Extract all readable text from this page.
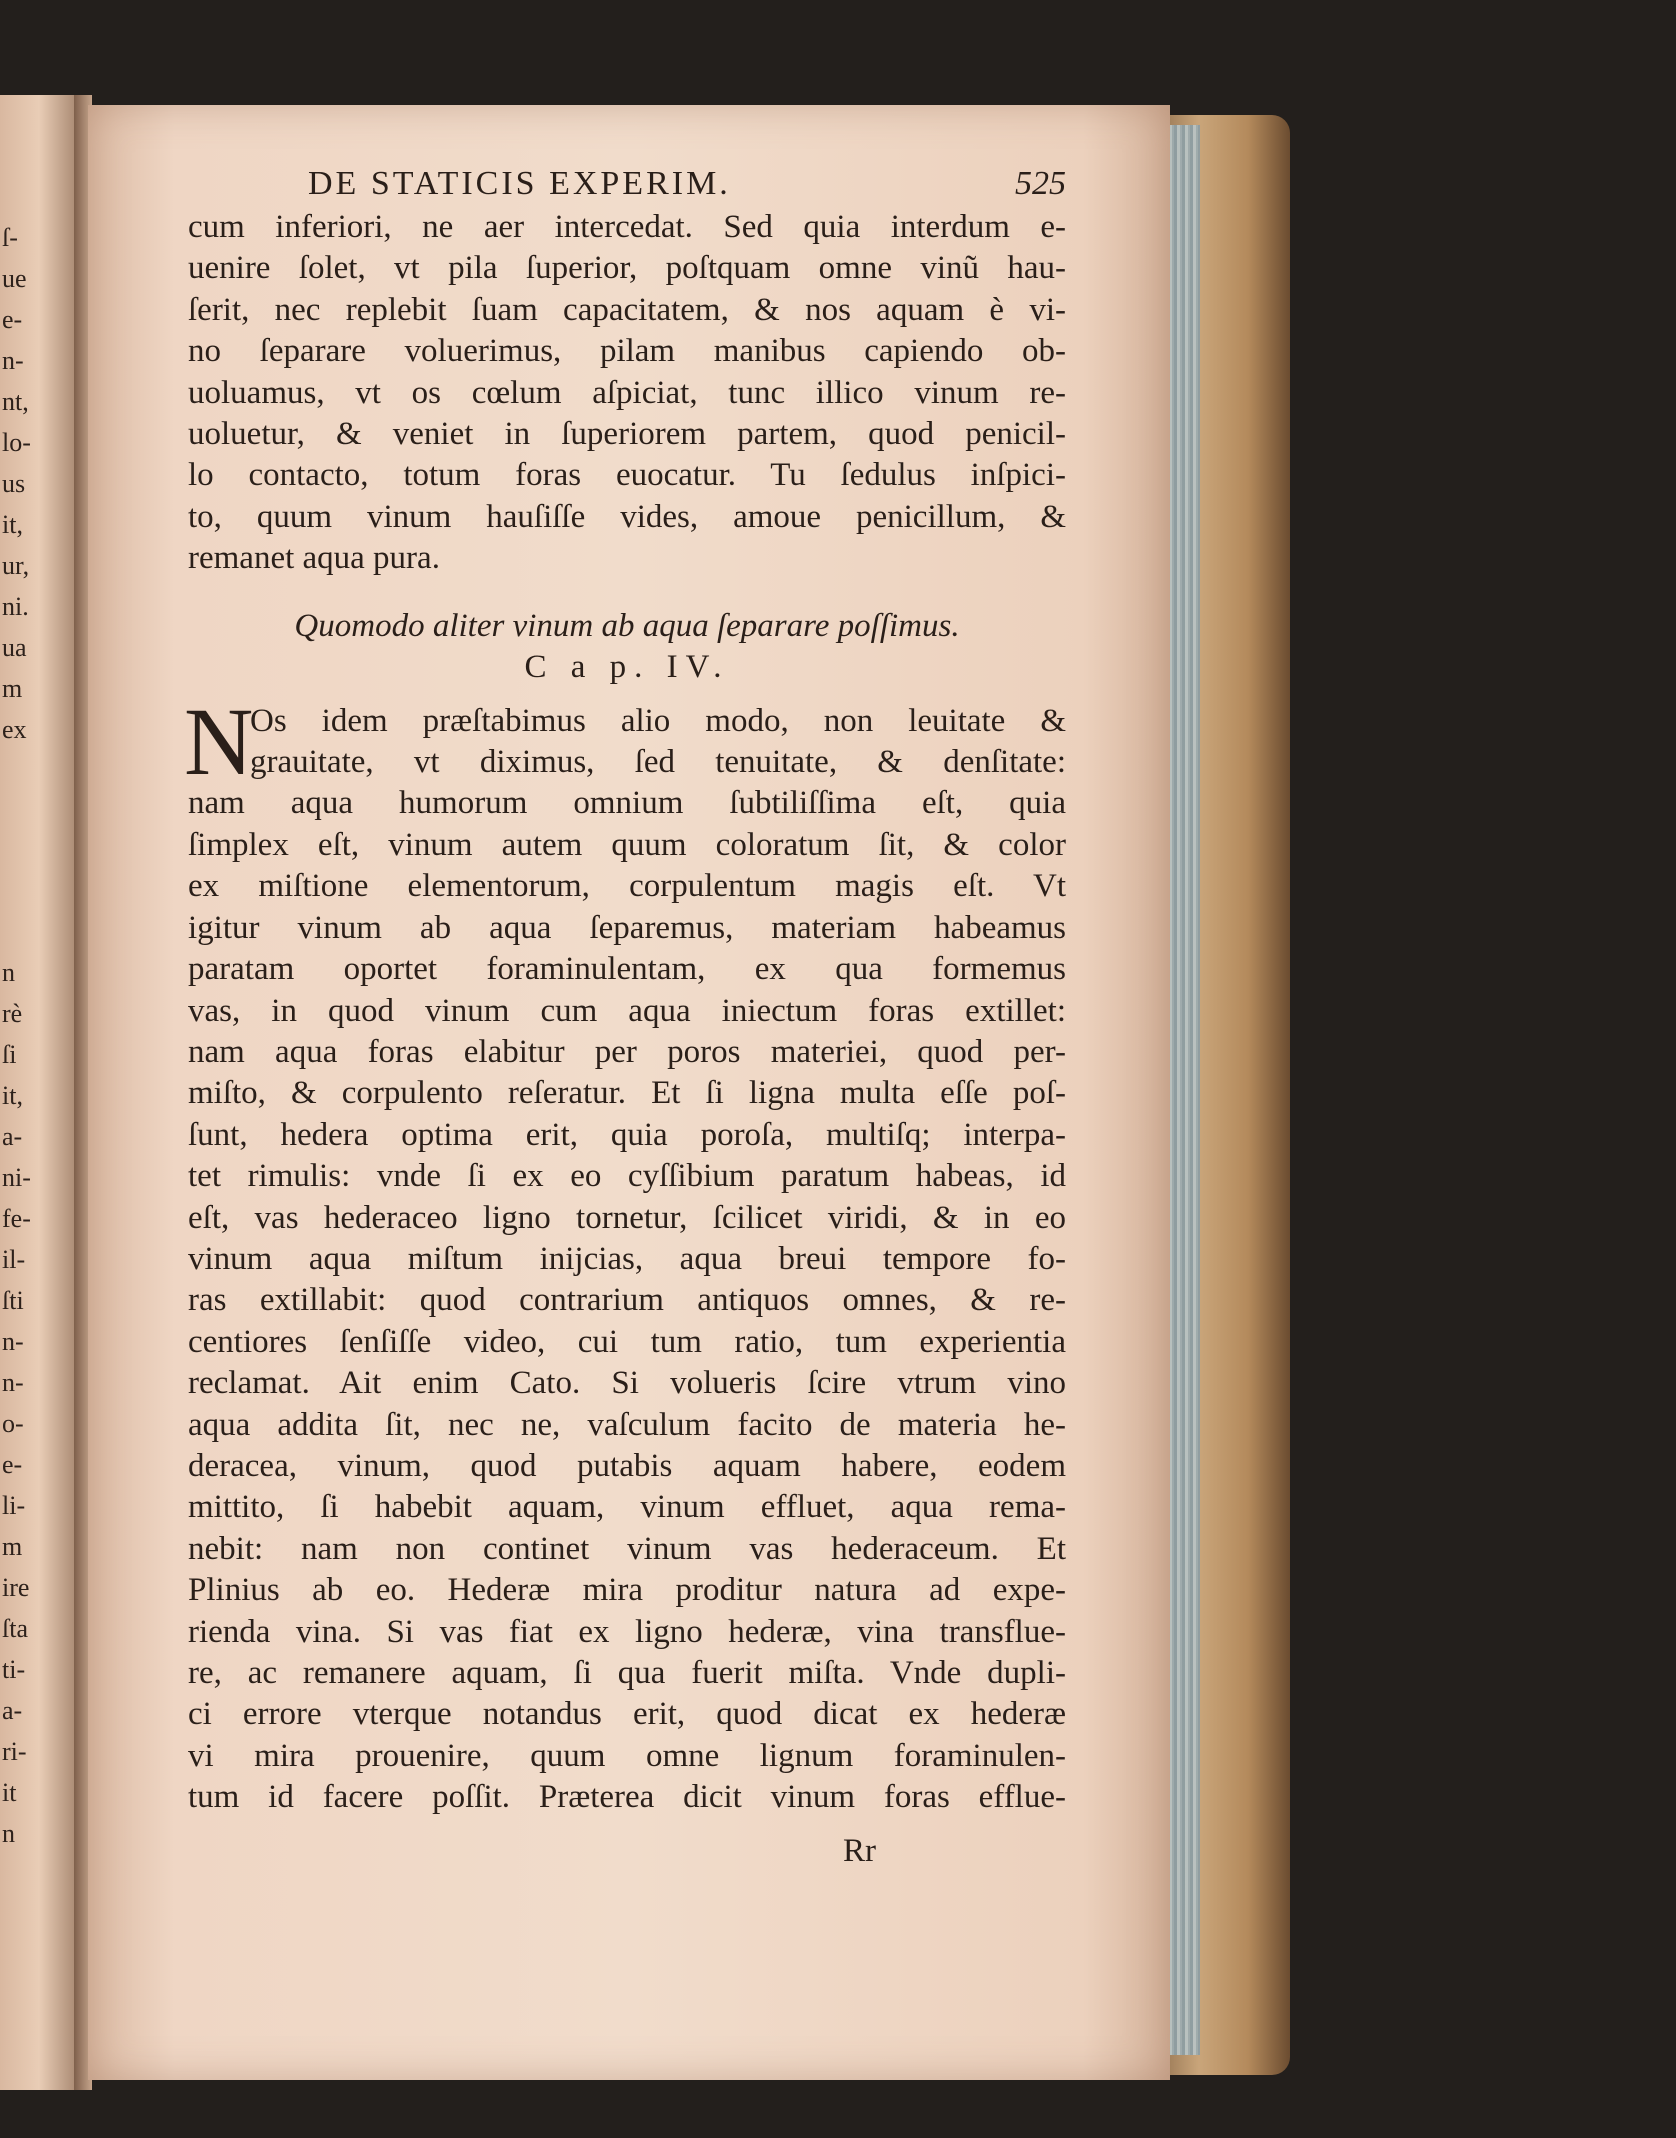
ſ-
ue
e-
n-
nt,
lo-
us
it,
ur,
ni.
ua
m
ex
n
rè
ſi
it,
a-
ni-
fe-
il-
ſti
n-
n-
o-
e-
li-
m
ire
ſta
ti-
a-
ri-
it
n
DE STATICIS EXPERIM.	525
cum inferiori, ne aer intercedat. Sed quia interdum e-
uenire ſolet, vt pila ſuperior, poſtquam omne vinũ hau-
ſerit, nec replebit ſuam capacitatem, & nos aquam è vi-
no ſeparare voluerimus, pilam manibus capiendo ob-
uoluamus, vt os cœlum aſpiciat, tunc illico vinum re-
uoluetur, & veniet in ſuperiorem partem, quod penicil-
lo contacto, totum foras euocatur. Tu ſedulus inſpici-
to, quum vinum hauſiſſe vides, amoue penicillum, &
remanet aqua pura.
Quomodo aliter vinum ab aqua ſeparare poſſimus.
C a p. IV.
N
Os idem præſtabimus alio modo, non leuitate &
grauitate, vt diximus, ſed tenuitate, & denſitate:
nam aqua humorum omnium ſubtiliſſima eſt, quia
ſimplex eſt, vinum autem quum coloratum ſit, & color
ex miſtione elementorum, corpulentum magis eſt. Vt
igitur vinum ab aqua ſeparemus, materiam habeamus
paratam oportet foraminulentam, ex qua formemus
vas, in quod vinum cum aqua iniectum foras extillet:
nam aqua foras elabitur per poros materiei, quod per-
miſto, & corpulento reſeratur. Et ſi ligna multa eſſe poſ-
ſunt, hedera optima erit, quia poroſa, multiſq; interpa-
tet rimulis: vnde ſi ex eo cyſſibium paratum habeas, id
eſt, vas hederaceo ligno tornetur, ſcilicet viridi, & in eo
vinum aqua miſtum inijcias, aqua breui tempore fo-
ras extillabit: quod contrarium antiquos omnes, & re-
centiores ſenſiſſe video, cui tum ratio, tum experientia
reclamat. Ait enim Cato. Si volueris ſcire vtrum vino
aqua addita ſit, nec ne, vaſculum facito de materia he-
deracea, vinum, quod putabis aquam habere, eodem
mittito, ſi habebit aquam, vinum effluet, aqua rema-
nebit: nam non continet vinum vas hederaceum. Et
Plinius ab eo. Hederæ mira proditur natura ad expe-
rienda vina. Si vas fiat ex ligno hederæ, vina transflue-
re, ac remanere aquam, ſi qua fuerit miſta. Vnde dupli-
ci errore vterque notandus erit, quod dicat ex hederæ
vi mira prouenire, quum omne lignum foraminulen-
tum id facere poſſit. Præterea dicit vinum foras efflue-
Rr
